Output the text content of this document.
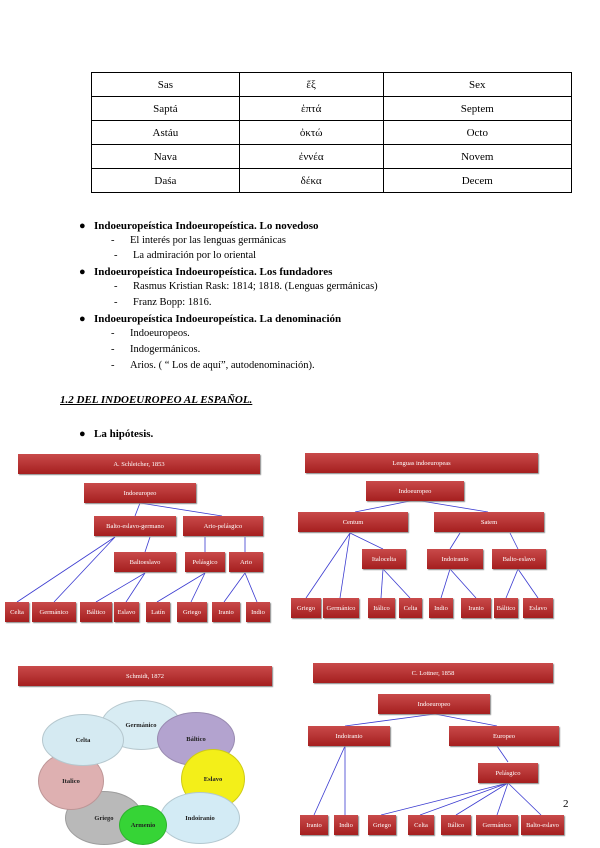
Sas	ἕξ	Sex
Saptá	ἑπτά	Septem
Astáu	ὀκτώ	Octo
Nava	ἐννέα	Novem
Daśa	δέκα	Decem
● Indoeuropeística Indoeuropeística. Lo novedoso
- El interés por las lenguas germánicas
- La admiración por lo oriental
● Indoeuropeística Indoeuropeística. Los fundadores
- Rasmus Kristian Rask: 1814; 1818. (Lenguas germánicas)
- Franz Bopp: 1816.
● Indoeuropeística Indoeuropeística. La denominación
- Indoeuropeos.
- Indogermánicos.
- Arios. ( “ Los de aquí”, autodenominación).
1.2 DEL INDOEUROPEO AL ESPAÑOL.
● La hipótesis.
A. Schleicher, 1853
Indoeuropeo
Balto-eslavo-germano	Ario-pelásgico
Baltoeslavo	Pelásgico	Ario
Celta	Germánico	Báltico	Eslavo	Latín	Griego	Iranio	Indio
Lenguas indoeuropeas
Indoeuropeo
Centum	Satem
Italoceltа	Indoiranio	Balto-eslavo
Griego	Germánico	Itálico	Celta	Indio	Iranio	Báltico	Eslavo
Schmidt, 1872
Germánico
Báltico
Eslavo
Indoiranio
Griego
Armenio
Italico
Celta
C. Lottner, 1858
Indoeuropeo
Indoiranio	Europeo
Pelásgico
Iranio	Indio	Griego	Celta	Itálico	Germánico	Balto-eslavo
2
